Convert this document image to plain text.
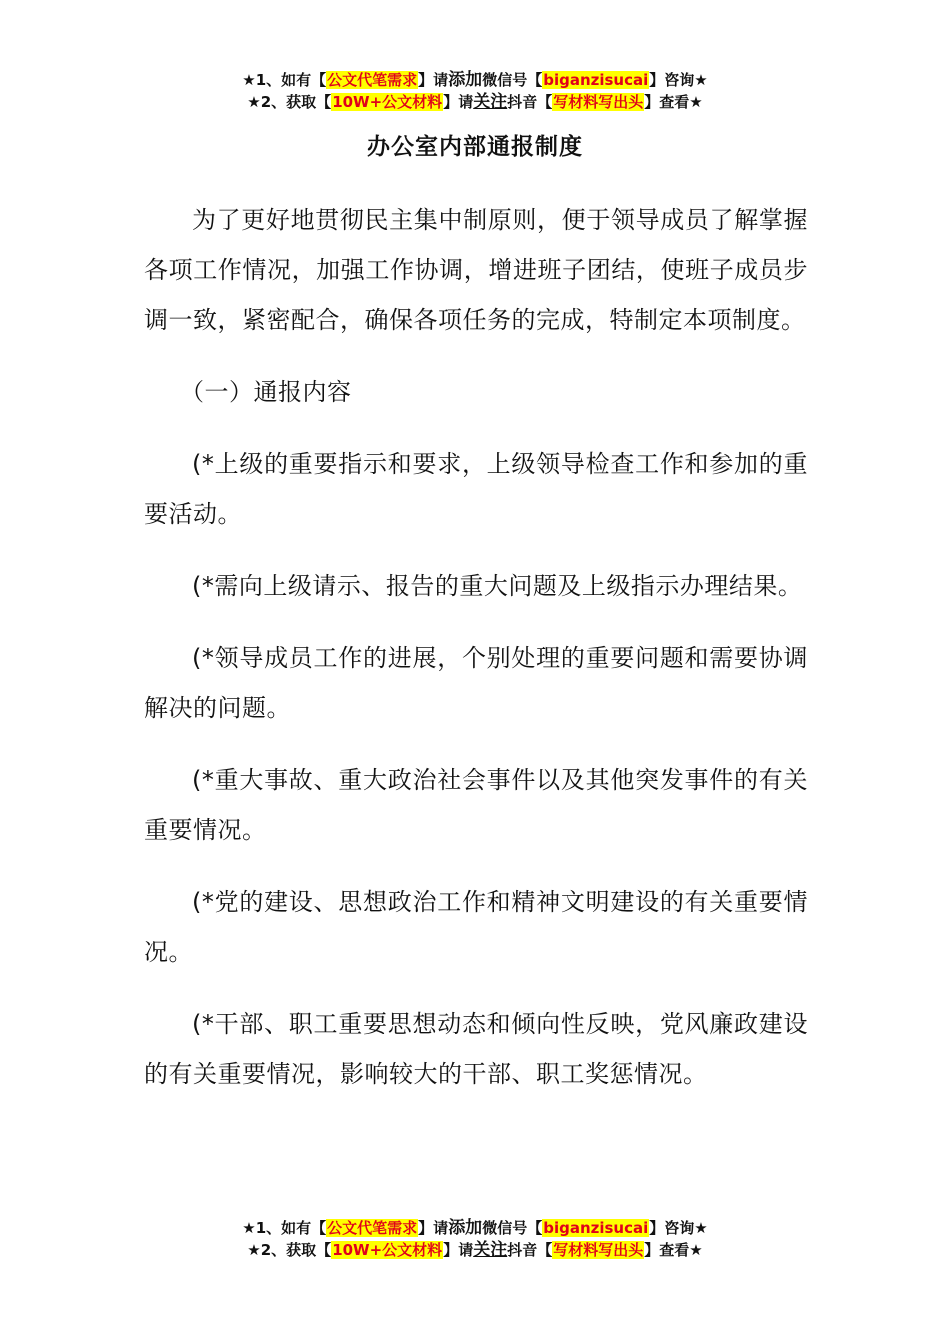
★1、如有【公文代笔需求】请添加微信号【biganzisucai】咨询★
★2、获取【10W+公文材料】请关注抖音【写材料写出头】查看★
办公室内部通报制度

为了更好地贯彻民主集中制原则，便于领导成员了解掌握各项工作情况，加强工作协调，增进班子团结，使班子成员步调一致，紧密配合，确保各项任务的完成，特制定本项制度。

（一）通报内容

(*上级的重要指示和要求，上级领导检查工作和参加的重要活动。

(*需向上级请示、报告的重大问题及上级指示办理结果。

(*领导成员工作的进展，个别处理的重要问题和需要协调解决的问题。

(*重大事故、重大政治社会事件以及其他突发事件的有关重要情况。

(*党的建设、思想政治工作和精神文明建设的有关重要情况。

(*干部、职工重要思想动态和倾向性反映，党风廉政建设的有关重要情况，影响较大的干部、职工奖惩情况。

★1、如有【公文代笔需求】请添加微信号【biganzisucai】咨询★
★2、获取【10W+公文材料】请关注抖音【写材料写出头】查看★
